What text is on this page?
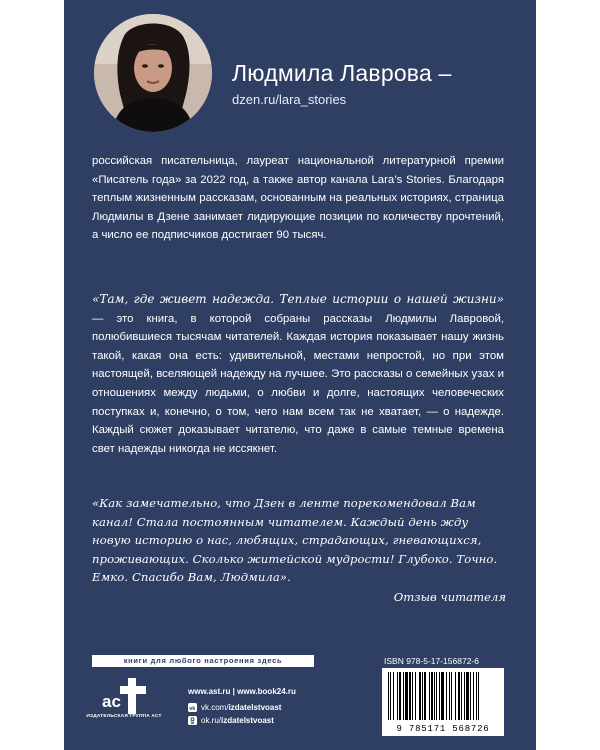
Людмила Лаврова –
dzen.ru/lara_stories
российская писательница, лауреат национальной литературной премии «Писатель года» за 2022 год, а также автор канала Lara’s Stories. Благодаря теплым жизненным рассказам, основанным на реальных историях, страница Людмилы в Дзене занимает лидирующие позиции по количеству прочтений, а число ее подписчиков достигает 90 тысяч.
«Там, где живет надежда. Теплые истории о нашей жизни» — это книга, в которой собраны рассказы Людмилы Лавровой, полюбившиеся тысячам читателей. Каждая история показывает нашу жизнь такой, какая она есть: удивительной, местами непростой, но при этом настоящей, вселяющей надежду на лучшее. Это рассказы о семейных узах и отношениях между людьми, о любви и долге, настоящих человеческих поступках и, конечно, о том, чего нам всем так не хватает, — о надежде. Каждый сюжет доказывает читателю, что даже в самые темные времена свет надежды никогда не иссякнет.
«Как замечательно, что Дзен в ленте порекомендовал Вам канал! Стала постоянным читателем. Каждый день жду новую историю о нас, любящих, страдающих, гневающихся, проживающих. Сколько житейской мудрости! Глубоко. Точно. Емко. Спасибо Вам, Людмила».
Отзыв читателя
книги для любого настроения здесь
ac
ИЗДАТЕЛЬСКАЯ ГРУППА АСТ
www.ast.ru | www.book24.ru
vk vk.com/izdatelstvoast
ok.ru/izdatelstvoast
ISBN 978-5-17-156872-6
9 785171 568726
